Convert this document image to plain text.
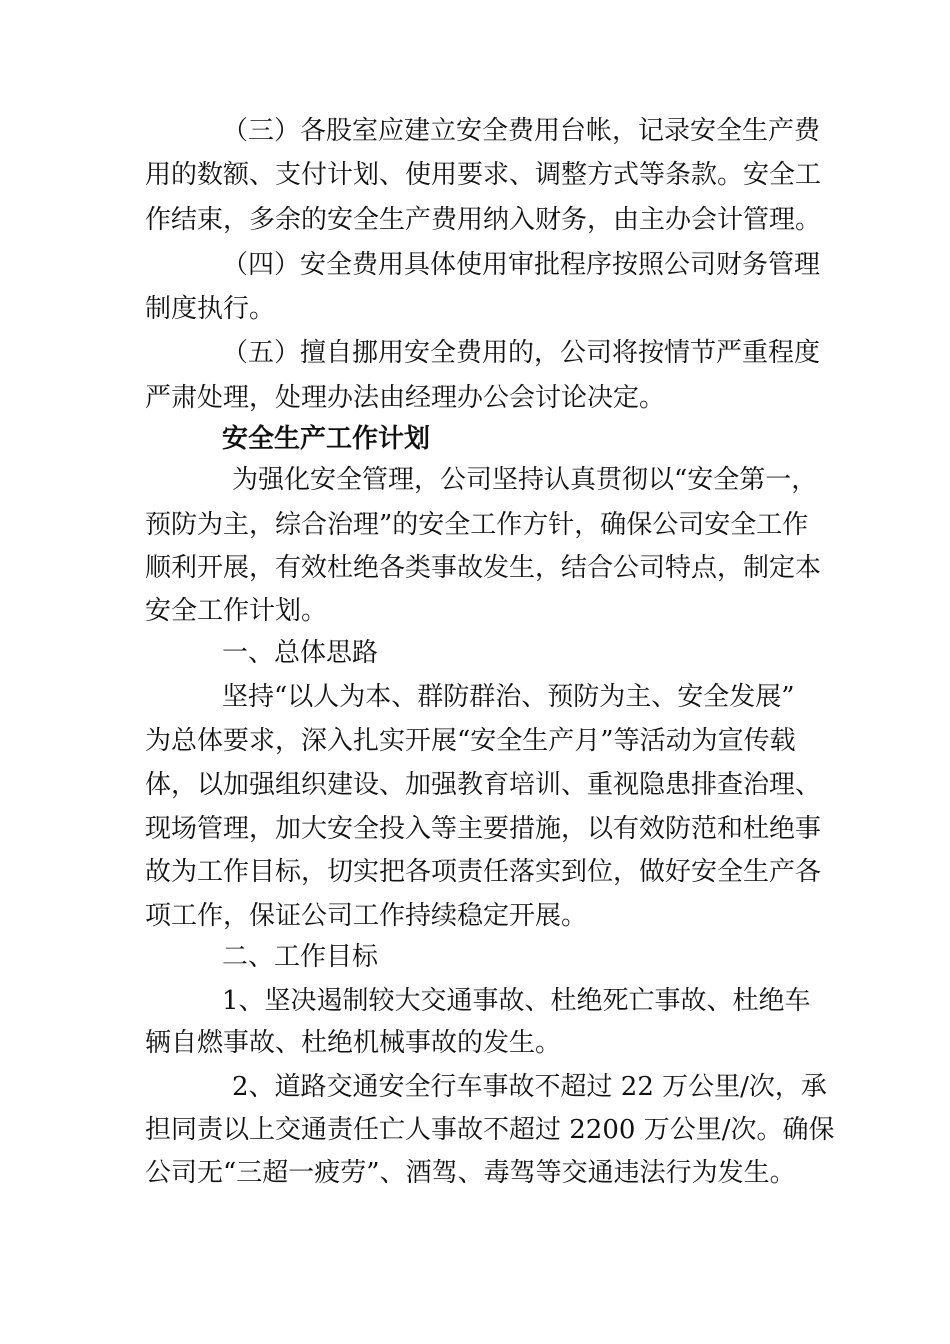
（三）各股室应建立安全费用台帐，记录安全生产费
用的数额、支付计划、使用要求、调整方式等条款。安全工
作结束，多余的安全生产费用纳入财务，由主办会计管理。
（四）安全费用具体使用审批程序按照公司财务管理
制度执行。
（五）擅自挪用安全费用的，公司将按情节严重程度
严肃处理，处理办法由经理办公会讨论决定。
安全生产工作计划
为强化安全管理，公司坚持认真贯彻以“安全第一，
预防为主，综合治理”的安全工作方针，确保公司安全工作
顺利开展，有效杜绝各类事故发生，结合公司特点，制定本
安全工作计划。
一、总体思路
坚持“以人为本、群防群治、预防为主、安全发展”
为总体要求，深入扎实开展“安全生产月”等活动为宣传载
体，以加强组织建设、加强教育培训、重视隐患排查治理、
现场管理，加大安全投入等主要措施，以有效防范和杜绝事
故为工作目标，切实把各项责任落实到位，做好安全生产各
项工作，保证公司工作持续稳定开展。
二、工作目标
1、坚决遏制较大交通事故、杜绝死亡事故、杜绝车
辆自燃事故、杜绝机械事故的发生。
2、道路交通安全行车事故不超过 22 万公里/次，承
担同责以上交通责任亡人事故不超过 2200 万公里/次。确保
公司无“三超一疲劳”、酒驾、毒驾等交通违法行为发生。
